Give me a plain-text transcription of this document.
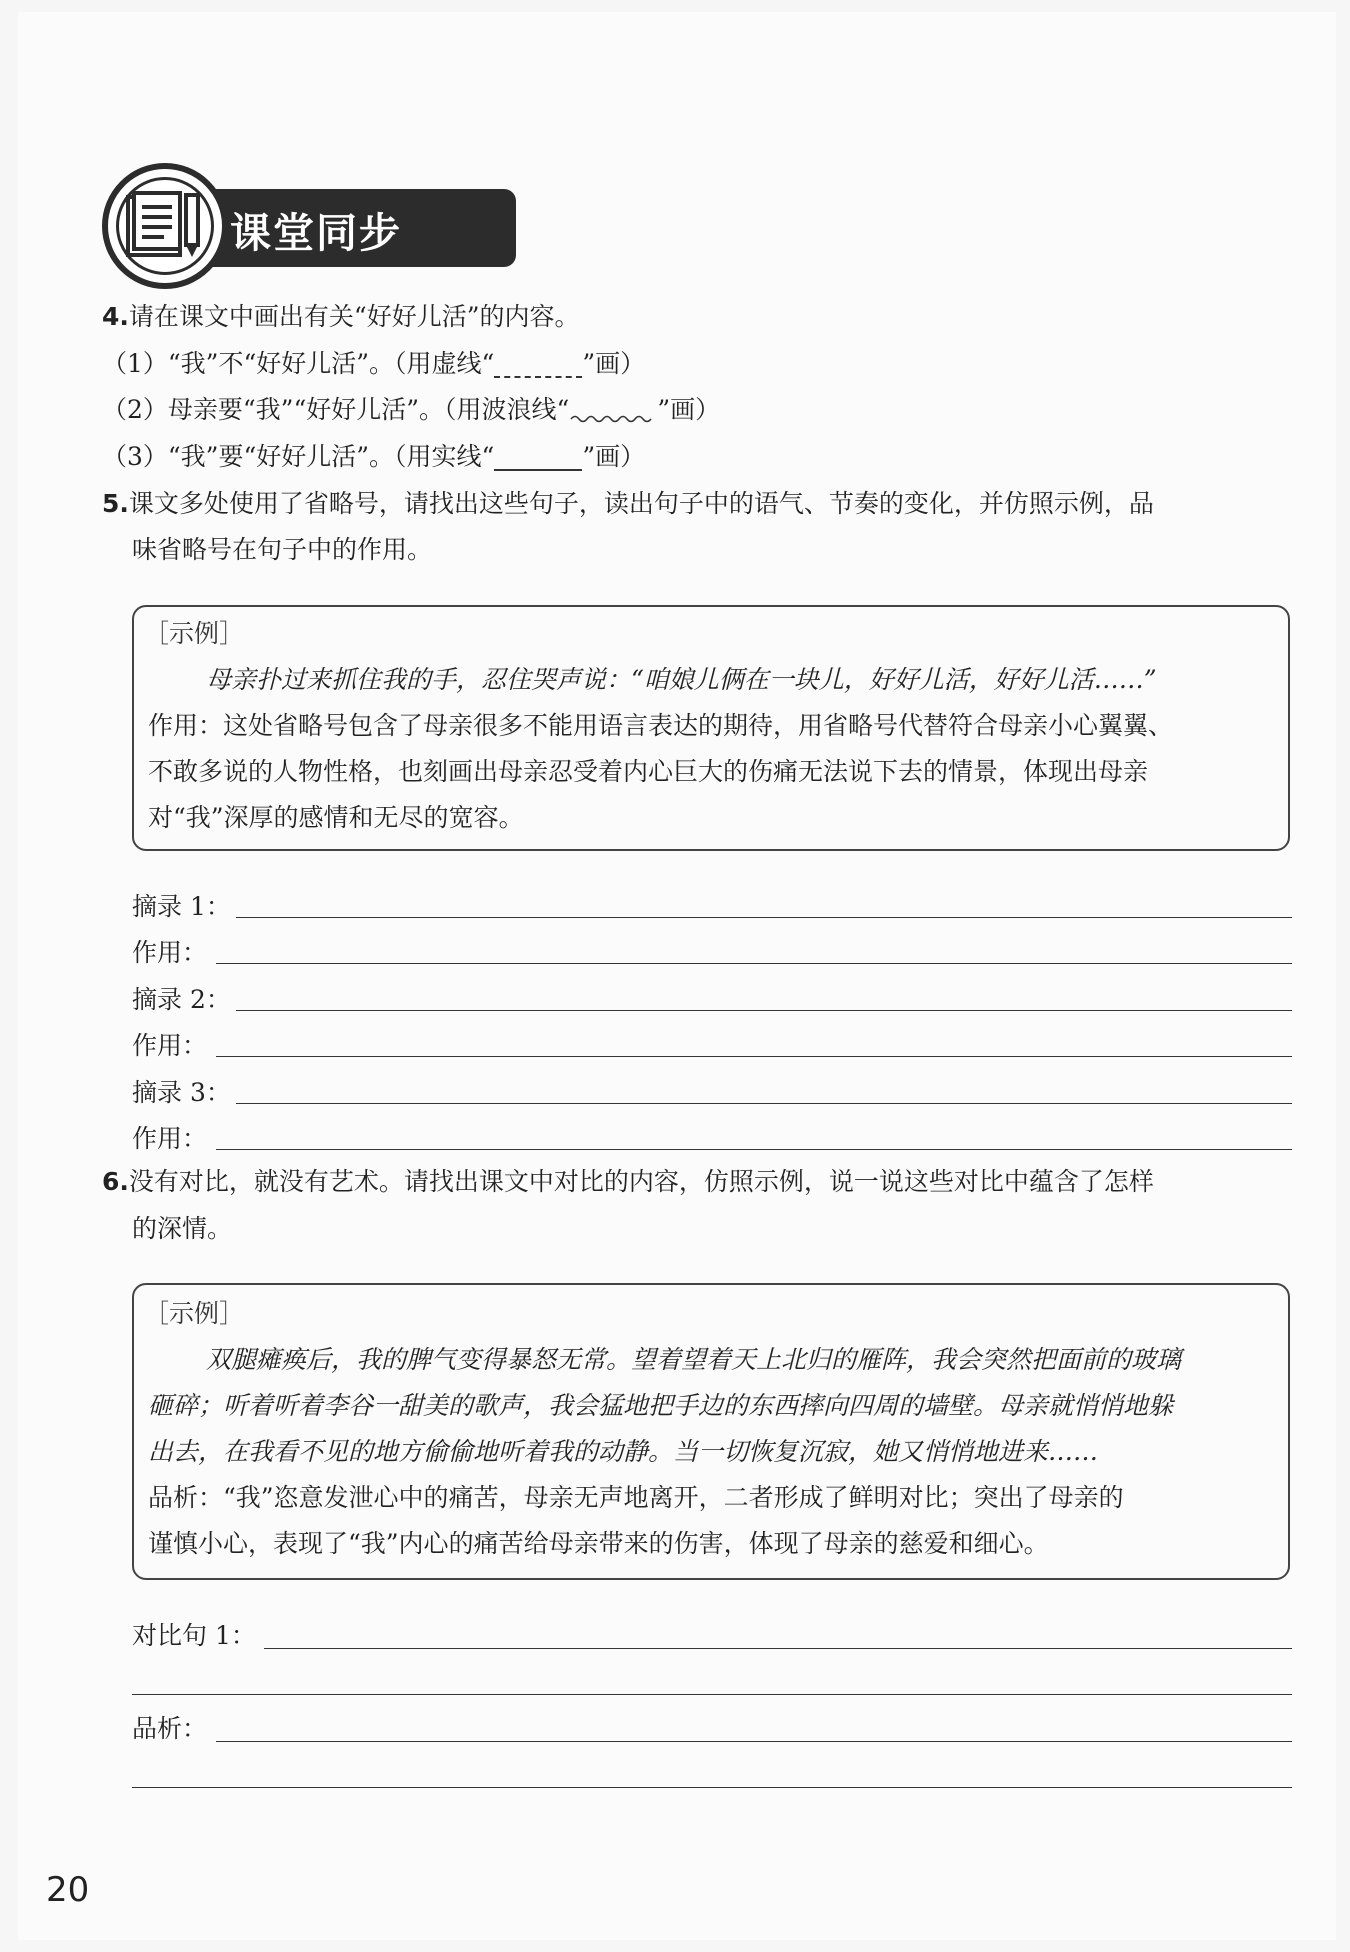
课堂同步
4.请在课文中画出有关“好好儿活”的内容。
（1）“我”不“好好儿活”。（用虚线“	”画）
（2）母亲要“我”“好好儿活”。（用波浪线“	”画）
（3）“我”要“好好儿活”。（用实线“	”画）
5.课文多处使用了省略号，请找出这些句子，读出句子中的语气、节奏的变化，并仿照示例，品
味省略号在句子中的作用。
［示例］
母亲扑过来抓住我的手，忍住哭声说：“咱娘儿俩在一块儿，好好儿活，好好儿活……”
作用：这处省略号包含了母亲很多不能用语言表达的期待，用省略号代替符合母亲小心翼翼、
不敢多说的人物性格，也刻画出母亲忍受着内心巨大的伤痛无法说下去的情景，体现出母亲
对“我”深厚的感情和无尽的宽容。
摘录 1：
作用：
摘录 2：
作用：
摘录 3：
作用：
6.没有对比，就没有艺术。请找出课文中对比的内容，仿照示例，说一说这些对比中蕴含了怎样
的深情。
［示例］
双腿瘫痪后，我的脾气变得暴怒无常。望着望着天上北归的雁阵，我会突然把面前的玻璃
砸碎；听着听着李谷一甜美的歌声，我会猛地把手边的东西摔向四周的墙壁。母亲就悄悄地躲
出去，在我看不见的地方偷偷地听着我的动静。当一切恢复沉寂，她又悄悄地进来……
品析：“我”恣意发泄心中的痛苦，母亲无声地离开，二者形成了鲜明对比；突出了母亲的
谨慎小心，表现了“我”内心的痛苦给母亲带来的伤害，体现了母亲的慈爱和细心。
对比句 1：
品析：
20
